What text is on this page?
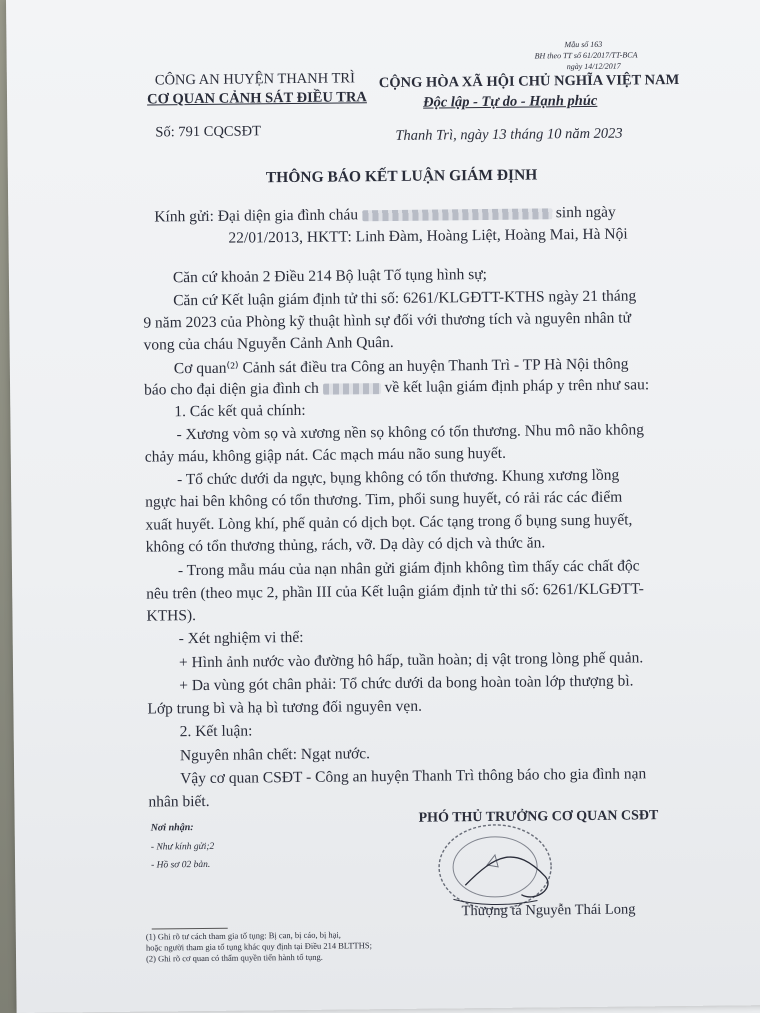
Mẫu số 163
BH theo TT số 61/2017/TT-BCA
ngày 14/12/2017
CÔNG AN HUYỆN THANH TRÌ
CƠ QUAN CẢNH SÁT ĐIỀU TRA
Số: 791 CQCSĐT
CỘNG HÒA XÃ HỘI CHỦ NGHĨA VIỆT NAM
Độc lập - Tự do - Hạnh phúc
Thanh Trì, ngày 13 tháng 10 năm 2023
THÔNG BÁO KẾT LUẬN GIÁM ĐỊNH
Kính gửi: Đại diện gia đình cháu	sinh ngày
22/01/2013, HKTT: Linh Đàm, Hoàng Liệt, Hoàng Mai, Hà Nội
Căn cứ khoản 2 Điều 214 Bộ luật Tố tụng hình sự;
Căn cứ Kết luận giám định tử thi số: 6261/KLGĐTT-KTHS ngày 21 tháng
9 năm 2023 của Phòng kỹ thuật hình sự đối với thương tích và nguyên nhân tử
vong của cháu Nguyễn Cảnh Anh Quân.
Cơ quan⁽²⁾ Cảnh sát điều tra Công an huyện Thanh Trì - TP Hà Nội thông
báo cho đại diện gia đình ch	về kết luận giám định pháp y trên như sau:
1. Các kết quả chính:
- Xương vòm sọ và xương nền sọ không có tổn thương. Nhu mô não không
chảy máu, không giập nát. Các mạch máu não sung huyết.
- Tổ chức dưới da ngực, bụng không có tổn thương. Khung xương lồng
ngực hai bên không có tổn thương. Tim, phổi sung huyết, có rải rác các điểm
xuất huyết. Lòng khí, phế quản có dịch bọt. Các tạng trong ổ bụng sung huyết,
không có tổn thương thủng, rách, vỡ. Dạ dày có dịch và thức ăn.
- Trong mẫu máu của nạn nhân gửi giám định không tìm thấy các chất độc
nêu trên (theo mục 2, phần III của Kết luận giám định tử thi số: 6261/KLGĐTT-
KTHS).
- Xét nghiệm vi thể:
+ Hình ảnh nước vào đường hô hấp, tuần hoàn; dị vật trong lòng phế quản.
+ Da vùng gót chân phải: Tổ chức dưới da bong hoàn toàn lớp thượng bì.
Lớp trung bì và hạ bì tương đối nguyên vẹn.
2. Kết luận:
Nguyên nhân chết: Ngạt nước.
Vậy cơ quan CSĐT - Công an huyện Thanh Trì thông báo cho gia đình nạn
nhân biết.
Nơi nhận:
- Như kính gửi;2
- Hồ sơ 02 bản.
PHÓ THỦ TRƯỞNG CƠ QUAN CSĐT
Thượng tá Nguyễn Thái Long
(1) Ghi rõ tư cách tham gia tố tụng: Bị can, bị cáo, bị hại,
hoặc người tham gia tố tụng khác quy định tại Điều 214 BLTTHS;
(2) Ghi rõ cơ quan có thẩm quyền tiến hành tố tụng.
